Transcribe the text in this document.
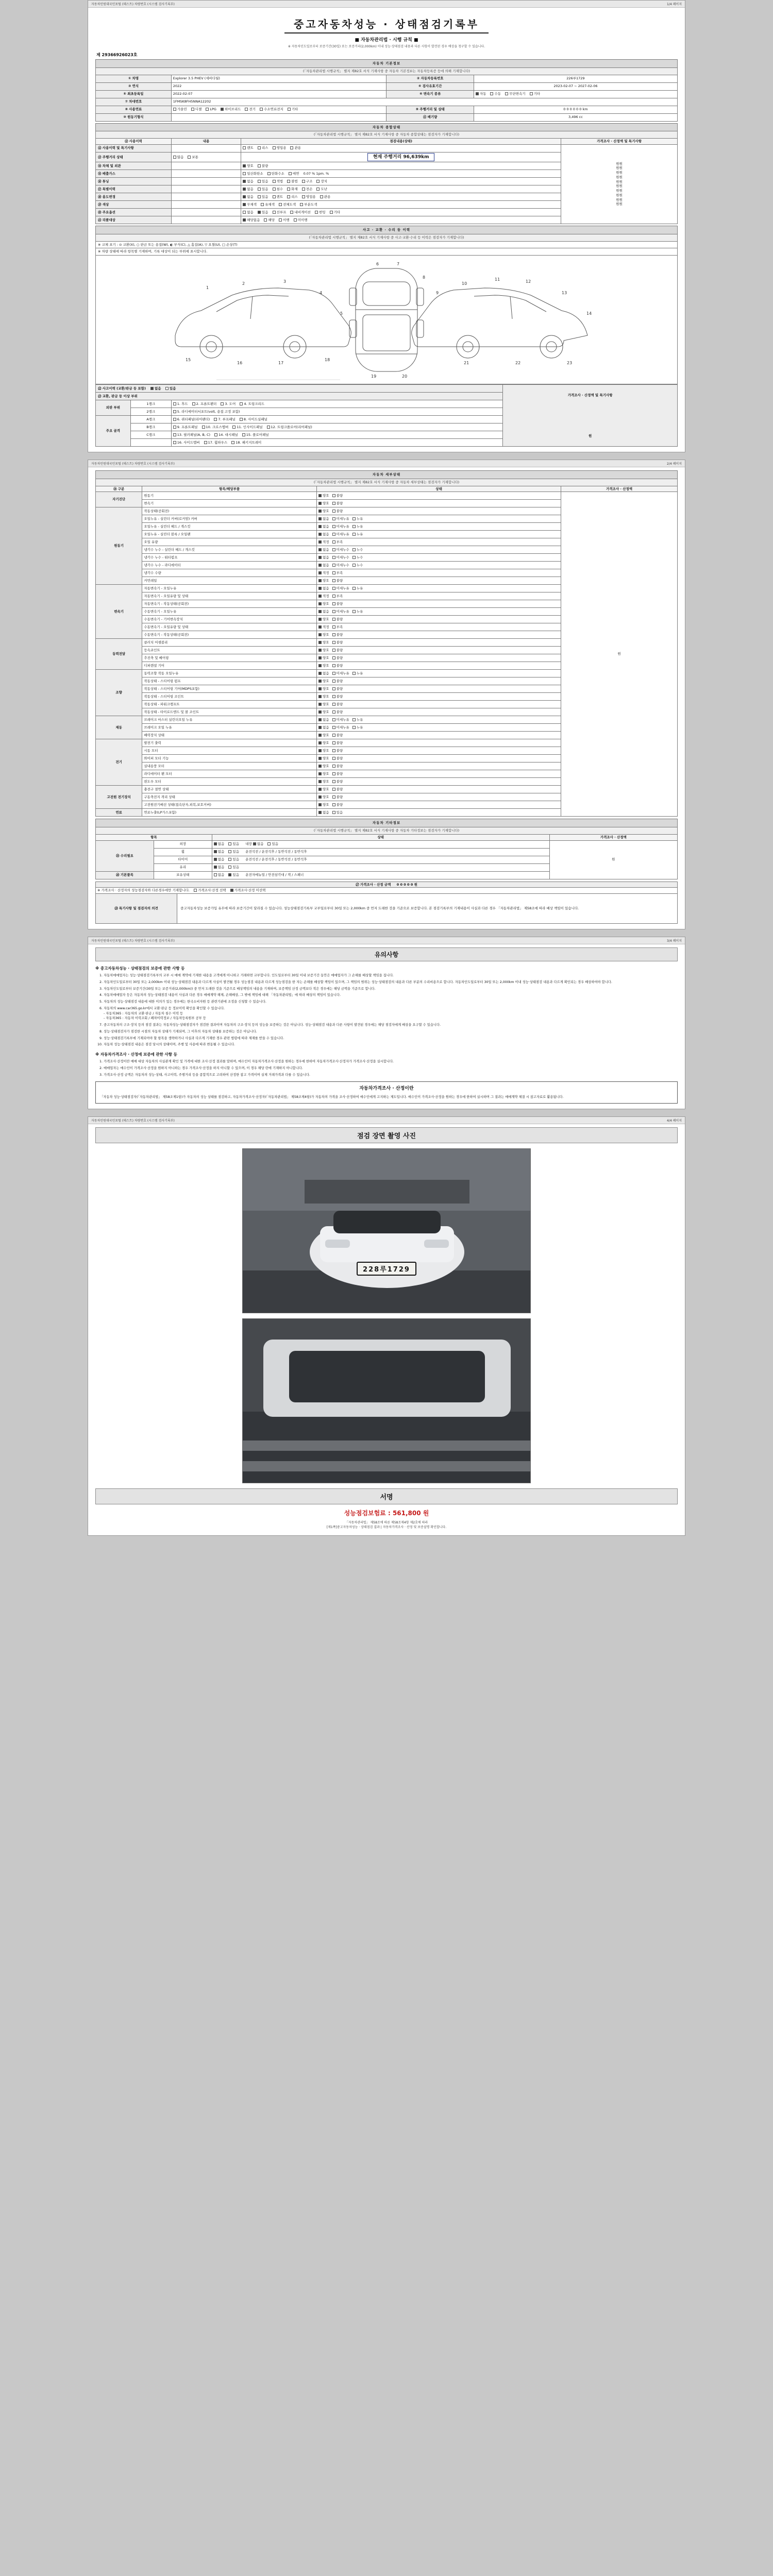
자동차민원대국민포털 (테스트) 차량번호 (시스템 검사기록부)	1/4 페이지
중고자동차성능 · 상태점검기록부
■ 자동차관리법 · 시행 규칙 ■
※ 자동차인도일로부터 보증기간(30일) 또는 보증거리(2,000km) 이내 성능·상태점검 내용과 다른 사항이 발견된 경우 배상을 청구할 수 있습니다.
제 29366926023호
자동차 기본정보			
(「자동차관리법 시행규칙」 별지 제82호 서식 기재사항 중 자동차 기본정보는 자동차등록증 등에 의해 기재합니다)			
① 차명	Explorer 3.5 PHEV (세바다월)	② 자동차등록번호	226루1729
③ 연식	2022	④ 검사유효기간	2023-02-07 ~ 2027-02-06
⑤ 최초등록일	2022-02-07	⑥ 변속기 종류	자동 수동 무단변속기 기타
⑦ 차대번호	1FMSK8FH5NNA12202		
⑧ 사용연료	가솔린 디젤 LPG 하이브리드 전기 수소연료전지 기타	⑨ 주행거리 및 상태	0 0 0 0 0 0 km
⑩ 원동기형식		⑪ 배기량	3,496 cc
자동차 종합상태			
(「자동차관리법 시행규칙」 별지 제82호 서식 기재사항 중 자동차 종합상태는 점검자가 기재합니다)			
⑫ 사용이력	내용	점검내용(상태)	가격조사 · 산정액 및 특기사항
⑫ 사용이력 및 특기사항		렌트 리스 영업용 관용	
원원
원원
원원
원원
원원
원원
원원
원원
원원
원원

⑬ 주행거리 상태	많음 보통	현재 주행거리 96,639km	
⑭ 차체 및 외관		양호 불량	
⑮ 배출가스		일산화탄소 탄화수소 매연 0.07 % 1pm. %	
⑯ 튜닝		없음 있음 적법 불법 구조 장치	
⑰ 특별이력		없음 있음 침수 화재 전손 도난	
⑱ 용도변경		없음 있음 렌트 리스 영업용 관용	
⑲ 색상		무채색 유채색 전체도색 부분도색	
⑳ 주요옵션		없음 있음 선루프 내비게이션 썬팅 기타	
㉑ 리콜대상		해당없음 해당 이행 미이행	
사고 · 교환 · 수리 등 이력
(「자동차관리법 시행규칙」 별지 제82호 서식 기재사항 중 사고·교환·수리 등 이력은 점검자가 기재합니다)
※ 교체 표기 : ⊙ 교환(X), ○ 판금 또는 용접(W), ◐ 부식(C), △ 흠집(A), ▽ 요철(U), □ 손상(T)
※ 차량 상태에 따라 항목별 기재하며, 기록 대상이 되는 부위에 표시합니다.
1
2	3
4
5
6	7
8
9
10
11	12
13
14
15
16	17
18
19	20
21	22	23
㉒ 사고이력 (교환/판금 등 포함) 없음 있음			가격조사 · 산정액 및 특기사항
원

㉓ 교환, 판금 등 이상 부위			
외판 부위	1랭크	1. 후드 2. 프론트팬더 3. 도어 4. 트렁크리드	
	2랭크	5. 라디에이터서포트(volt, 용접 고정 포함)	
주요 골격	A랭크	6. 쿼터패널(리어팬더) 7. 루프패널 8. 사이드실패널	
	B랭크	9. 프론트패널 10. 크로스멤버 11. 인사이드패널 12. 트렁크플로어(리어패널)	
	C랭크	13. 필러패널(A, B, C) 14. 대시패널 15. 플로어패널	
		16. 사이드멤버 17. 휠하우스 18. 패키지트레이	
자동차민원대국민포털 (테스트) 차량번호 (시스템 검사기록부)	2/4 페이지
자동차 세부상태			
(「자동차관리법 시행규칙」 별지 제82호 서식 기재사항 중 자동차 세부상태는 점검자가 기재합니다)			
㉔ 구분	항목/해당부품	상태	가격조사 · 산정액
자기진단	원동기	양호 불량	원
	변속기	양호 불량	
원동기	작동상태(공회전)	양호 불량	
	오일누유 - 실린더 커버(로커암) 커버	없음 미세누유 누유	
	오일누유 - 실린더 헤드 / 개스킷	없음 미세누유 누유	
	오일누유 - 실린더 블록 / 오일팬	없음 미세누유 누유	
	오일 유량	적정 부족	
	냉각수 누수 - 실린더 헤드 / 개스킷	없음 미세누수 누수	
	냉각수 누수 - 워터펌프	없음 미세누수 누수	
	냉각수 누수 - 라디에이터	없음 미세누수 누수	
	냉각수 수량	적정 부족	
	커먼레일	양호 불량	
변속기	자동변속기 - 오일누유	없음 미세누유 누유	
	자동변속기 - 오일유량 및 상태	적정 부족	
	자동변속기 - 작동상태(공회전)	양호 불량	
	수동변속기 - 오일누유	없음 미세누유 누유	
	수동변속기 - 기어변속장치	양호 불량	
	수동변속기 - 오일유량 및 상태	적정 부족	
	수동변속기 - 작동상태(공회전)	양호 불량	
동력전달	클러치 어셈블리	양호 불량	
	등속죠인트	양호 불량	
	추진축 및 베어링	양호 불량	
	디퍼렌셜 기어	양호 불량	
조향	동력조향 작동 오일누유	없음 미세누유 누유	
	작동상태 - 스티어링 펌프	양호 불량	
	작동상태 - 스티어링 기어(MDPS포함)	양호 불량	
	작동상태 - 스티어링 조인트	양호 불량	
	작동상태 - 파워크랭프트	양호 불량	
	작동상태 - 타이로드엔드 및 볼 조인트	양호 불량	
제동	브레이크 마스터 실린더오일 누유	없음 미세누유 누유	
	브레이크 오일 누유	없음 미세누유 누유	
	배력장치 상태	양호 불량	
전기	발전기 출력	양호 불량	
	시동 모터	양호 불량	
	와이퍼 모터 기능	양호 불량	
	실내송풍 모터	양호 불량	
	라디에이터 팬 모터	양호 불량	
	윈도우 모터	양호 불량	
고전원 전기장치	충전구 절연 상태	양호 불량	
	구동축전지 격리 상태	양호 불량	
	고전원전기배선 상태(접속단자,피복,보호커버)	양호 불량	
연료	연료누출(LP가스포함)	없음 있음	
자동차 기타정보			
(「자동차관리법 시행규칙」 별지 제82호 서식 기재사항 중 자동차 기타정보는 점검자가 기재합니다)			
항목		상태	가격조사 · 산정액
㉕ 수리필요	외장	없음 있음 내장 없음 있음	원
	휠	없음 있음 운전석전 / 운전석후 / 동반석전 / 동반석후	
	타이어	없음 있음 운전석전 / 운전석후 / 동반석전 / 동반석후	
	유리	없음 있음	
㉖ 기본품목	보유상태	없음 있음 운전자메뉴얼 / 안전삼각대 / 잭 / 스패너	
㉗ 가격조사 · 산정 금액 0 0 0 0 0 원
※ 가격조사 · 산정자의 성능점검자와 다른경우에만 기재합니다.	가격조사·산정 선택 가격조사·산정 미선택
㉘ 특기사항 및 점검자의 의견	중고자동차성능 보증가입 유무에 따라 보증기간이 달라질 수 있습니다. 성능상태점검기록부 교부일로부터 30일 또는 2,000km 중 먼저 도래한 것을 기준으로 보증합니다. 본 점검기록부의 기재내용이 사실과 다른 경우 「자동차관리법」 제58조에 따라 배상 책임이 있습니다.
자동차민원대국민포털 (테스트) 차량번호 (시스템 검사기록부)	3/4 페이지
유의사항
※ 중고자동차성능 · 상태점검의 보증에 관한 사항 등
1. 자동차매매업자는 성능·상태점검기록부의 교부 시 매매 계약에 기재한 내용을 고객에게 아니하고 거래하면 교부합니다. 인도일로부터 30일 이내 보증기간 동안은 매매업자가 그 손해를 배상할 책임을 집니다.
2. 자동차인도일로부터 30일 또는 2,000km 이내 성능·상태점검 내용과 다르게 사실이 발견될 경우 성능점검 내용과 다르게 성능점검을 한 자는 손해를 배상할 책임이 있으며, 그 책임의 범위는 성능·상태점검의 내용과 다른 부분의 수리비용으로 합니다. 자동차인도일로부터 30일 또는 2,000km 이내 성능·상태점검 내용과 다르게 확인되는 경우 배상하여야 합니다.
3. 자동차인도일로부터 보증기간(30일 또는 보증거리(2,000km)) 중 먼저 도래한 것을 기준으로 배상책임의 내용을 기재하며, 보증책임 산정 금액보다 적은 경우에는 해당 금액을 기준으로 합니다.
4. 자동차매매업자 등은 자동차의 성능·상태점검 내용이 사실과 다른 경우 매매계약 해제, 손해배상, 그 밖에 책임에 대해 「자동차관리법」에 따라 배상의 책임이 있습니다.
5. 자동차의 성능·상태점검 내용에 대한 이의가 있는 경우에는 한국소비자원 등 관련기관에 조정을 신청할 수 있습니다.
6. 자동차의 www.car365.go.kr에서 교환·판금 등 정보이력 확인을 확인할 수 있습니다.
- 자동차365 : 자동차의 교환·판금 / 자동차 침수 이력 등
- 자동차365 : 자동차 이력조회 / 폐차이력정보 / 자동차등록원부 공부 등
7. 중고자동차의 구조·장치 등의 점검 결과는 자동차성능·상태점검자가 점검한 결과이며 자동차의 구조·장치 등의 성능을 보증하는 것은 아닙니다. 성능·상태점검 내용과 다른 사항이 발견된 경우에는 해당 점검자에게 배상을 요구할 수 있습니다.
8. 성능·상태점검자가 점검한 시점의 자동차 상태가 기재되며, 그 이후의 자동차 상태를 보증하는 것은 아닙니다.
9. 성능·상태점검기록부에 기재되어야 할 항목을 생략하거나 사실과 다르게 기재한 경우 관련 법령에 따라 제재를 받을 수 있습니다.
10. 자동차 성능·상태점검 내용은 점검 당시의 상태이며, 주행 및 사용에 따라 변동될 수 있습니다.
※ 자동차가격조사 · 산정에 보증에 관한 사항 등
1. 가격조사·산정이란 매매 대상 자동차의 사실관계 확인 및 가격에 대한 조사·산정 결과를 말하며, 매수인이 자동차가격조사·산정을 원하는 경우에 한하여 자동차가격조사·산정자가 가격조사·산정을 실시합니다.
2. 매매업자는 매수인이 가격조사·산정을 원하지 아니하는 경우 가격조사·산정을 하지 아니할 수 있으며, 이 경우 해당 란에 기재하지 아니합니다.
3. 가격조사·산정 금액은 자동차의 성능·상태, 사고이력, 주행거리 등을 종합적으로 고려하여 산정한 참고 가격이며 실제 거래가격과 다를 수 있습니다.
자동차가격조사 · 산정이란
「자동차 성능·상태점검자(「자동차관리법」 제58조제1항)가 자동차의 성능 상태를 점검하고, 자동차가격조사·산정자(「자동차관리법」 제58조제4항)가 자동차의 가격을 조사·산정하여 매수인에게 고지하는 제도입니다. 매수인이 가격조사·산정을 원하는 경우에 한하여 실시하며 그 결과는 매매계약 체결 시 참고자료로 활용됩니다.
자동차민원대국민포털 (테스트) 차량번호 (시스템 검사기록부)	4/4 페이지
점검 장면 촬영 사진
228루1729
서명
성능점검보험료 : 561,800 원
「자동차관리법」 제58조에 따른 제58조제4항 제2호에 따라
[제1쪽]중고자동차성능 · 상태점검 결과 | 자동차가격조사 · 산정 및 보증설명 확인합니다.
